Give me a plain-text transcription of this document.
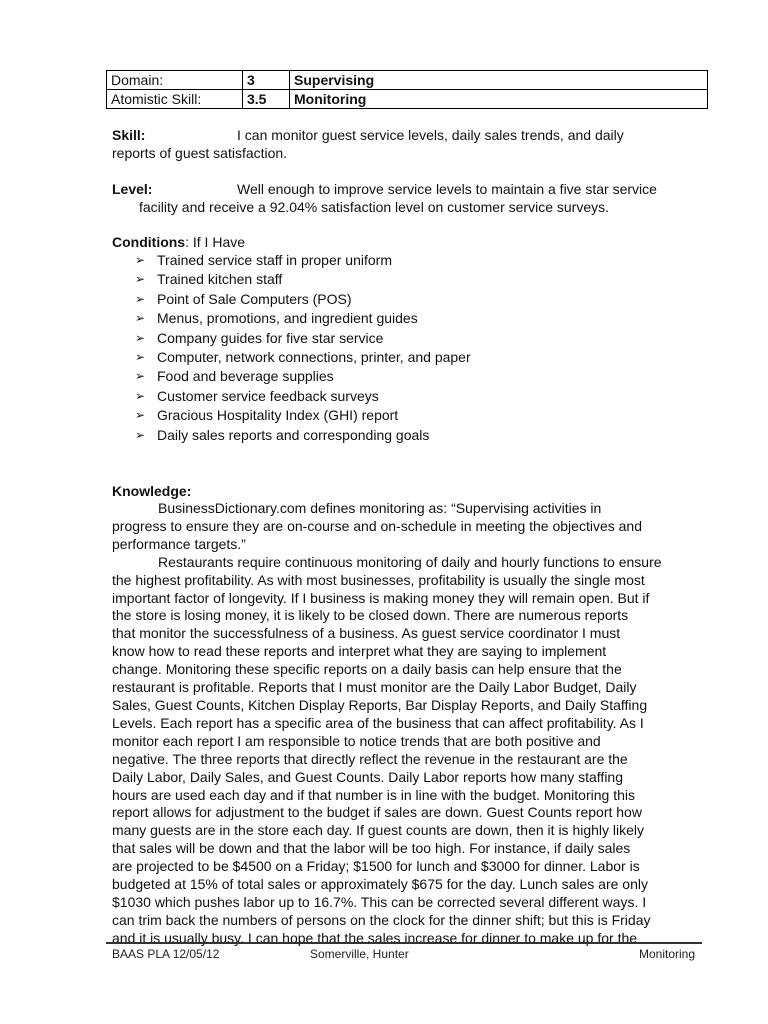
Domain:	3	Supervising
Atomistic Skill:	3.5	Monitoring
Skill:	I can monitor guest service levels, daily sales trends, and daily
reports of guest satisfaction.
Level:	Well enough to improve service levels to maintain a five star service
facility and receive a 92.04% satisfaction level on customer service surveys.
Conditions: If I Have
➢ Trained service staff in proper uniform
➢ Trained kitchen staff
➢ Point of Sale Computers (POS)
➢ Menus, promotions, and ingredient guides
➢ Company guides for five star service
➢ Computer, network connections, printer, and paper
➢ Food and beverage supplies
➢ Customer service feedback surveys
➢ Gracious Hospitality Index (GHI) report
➢ Daily sales reports and corresponding goals
Knowledge:
BusinessDictionary.com defines monitoring as: “Supervising activities in
progress to ensure they are on-course and on-schedule in meeting the objectives and
performance targets.”
Restaurants require continuous monitoring of daily and hourly functions to ensure
the highest profitability. As with most businesses, profitability is usually the single most
important factor of longevity. If I business is making money they will remain open. But if
the store is losing money, it is likely to be closed down. There are numerous reports
that monitor the successfulness of a business. As guest service coordinator I must
know how to read these reports and interpret what they are saying to implement
change. Monitoring these specific reports on a daily basis can help ensure that the
restaurant is profitable. Reports that I must monitor are the Daily Labor Budget, Daily
Sales, Guest Counts, Kitchen Display Reports, Bar Display Reports, and Daily Staffing
Levels. Each report has a specific area of the business that can affect profitability. As I
monitor each report I am responsible to notice trends that are both positive and
negative. The three reports that directly reflect the revenue in the restaurant are the
Daily Labor, Daily Sales, and Guest Counts. Daily Labor reports how many staffing
hours are used each day and if that number is in line with the budget. Monitoring this
report allows for adjustment to the budget if sales are down. Guest Counts report how
many guests are in the store each day. If guest counts are down, then it is highly likely
that sales will be down and that the labor will be too high. For instance, if daily sales
are projected to be $4500 on a Friday; $1500 for lunch and $3000 for dinner. Labor is
budgeted at 15% of total sales or approximately $675 for the day. Lunch sales are only
$1030 which pushes labor up to 16.7%. This can be corrected several different ways. I
can trim back the numbers of persons on the clock for the dinner shift; but this is Friday
and it is usually busy. I can hope that the sales increase for dinner to make up for the
BAAS PLA 12/05/12	Somerville, Hunter	Monitoring
